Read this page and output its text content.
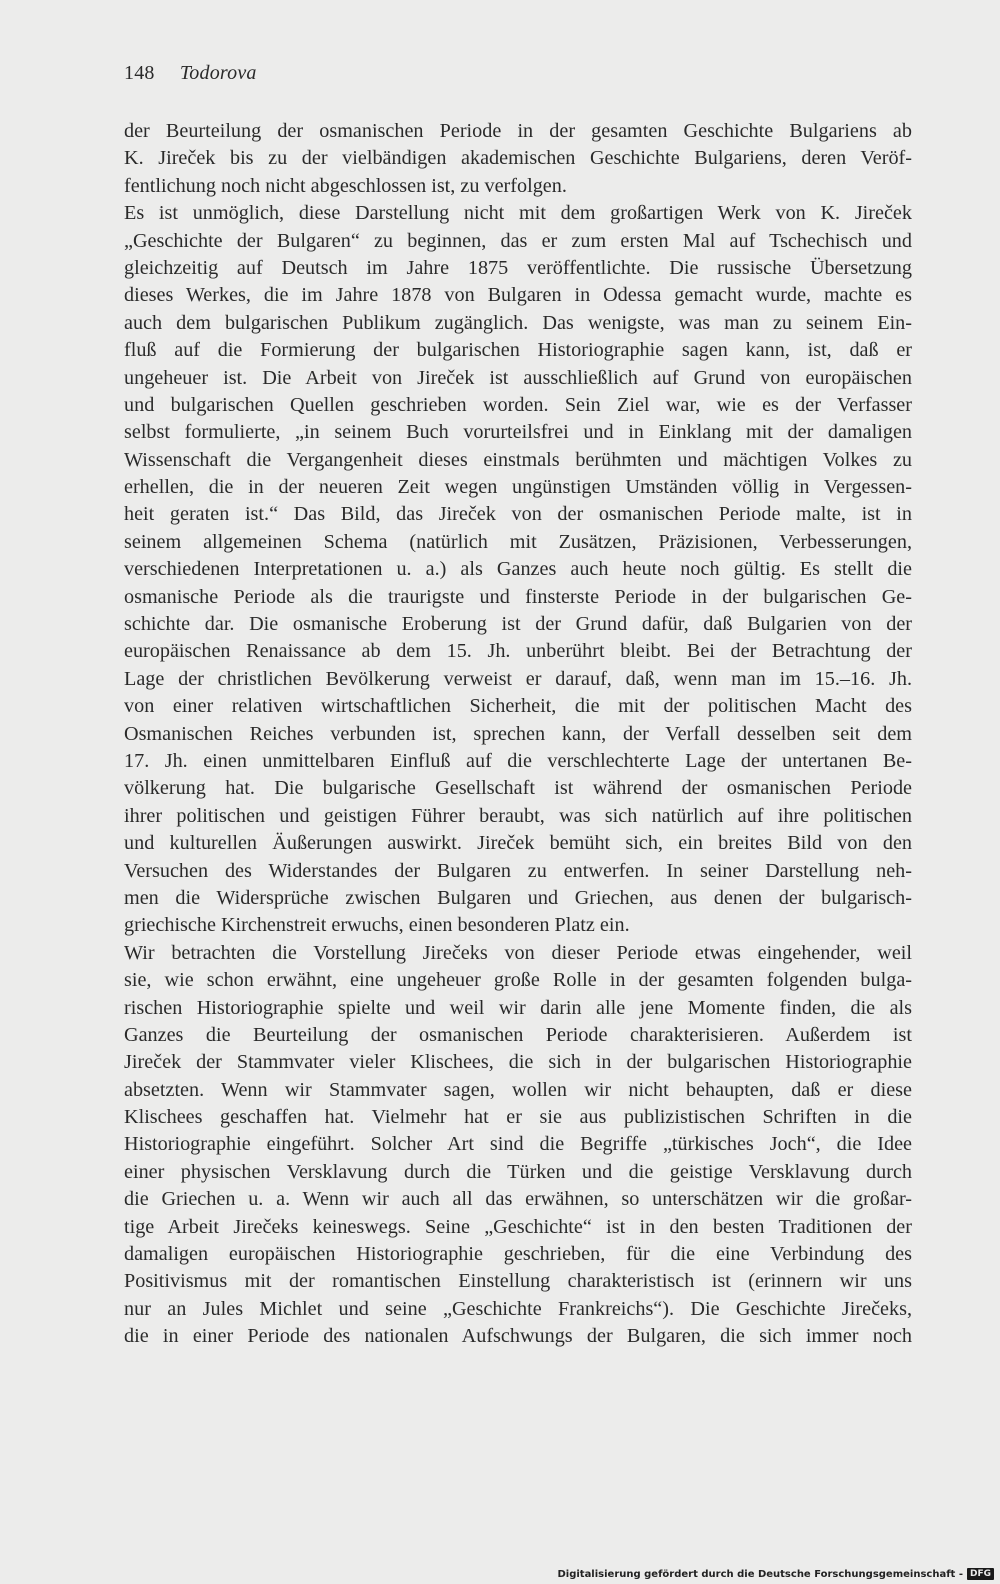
148 Todorova
der Beurteilung der osmanischen Periode in der gesamten Geschichte Bulgariens ab
K. Jireček bis zu der vielbändigen akademischen Geschichte Bulgariens, deren Veröf-
fentlichung noch nicht abgeschlossen ist, zu verfolgen.
Es ist unmöglich, diese Darstellung nicht mit dem großartigen Werk von K. Jireček
„Geschichte der Bulgaren“ zu beginnen, das er zum ersten Mal auf Tschechisch und
gleichzeitig auf Deutsch im Jahre 1875 veröffentlichte. Die russische Übersetzung
dieses Werkes, die im Jahre 1878 von Bulgaren in Odessa gemacht wurde, machte es
auch dem bulgarischen Publikum zugänglich. Das wenigste, was man zu seinem Ein-
fluß auf die Formierung der bulgarischen Historiographie sagen kann, ist, daß er
ungeheuer ist. Die Arbeit von Jireček ist ausschließlich auf Grund von europäischen
und bulgarischen Quellen geschrieben worden. Sein Ziel war, wie es der Verfasser
selbst formulierte, „in seinem Buch vorurteilsfrei und in Einklang mit der damaligen
Wissenschaft die Vergangenheit dieses einstmals berühmten und mächtigen Volkes zu
erhellen, die in der neueren Zeit wegen ungünstigen Umständen völlig in Vergessen-
heit geraten ist.“ Das Bild, das Jireček von der osmanischen Periode malte, ist in
seinem allgemeinen Schema (natürlich mit Zusätzen, Präzisionen, Verbesserungen,
verschiedenen Interpretationen u. a.) als Ganzes auch heute noch gültig. Es stellt die
osmanische Periode als die traurigste und finsterste Periode in der bulgarischen Ge-
schichte dar. Die osmanische Eroberung ist der Grund dafür, daß Bulgarien von der
europäischen Renaissance ab dem 15. Jh. unberührt bleibt. Bei der Betrachtung der
Lage der christlichen Bevölkerung verweist er darauf, daß, wenn man im 15.–16. Jh.
von einer relativen wirtschaftlichen Sicherheit, die mit der politischen Macht des
Osmanischen Reiches verbunden ist, sprechen kann, der Verfall desselben seit dem
17. Jh. einen unmittelbaren Einfluß auf die verschlechterte Lage der untertanen Be-
völkerung hat. Die bulgarische Gesellschaft ist während der osmanischen Periode
ihrer politischen und geistigen Führer beraubt, was sich natürlich auf ihre politischen
und kulturellen Äußerungen auswirkt. Jireček bemüht sich, ein breites Bild von den
Versuchen des Widerstandes der Bulgaren zu entwerfen. In seiner Darstellung neh-
men die Widersprüche zwischen Bulgaren und Griechen, aus denen der bulgarisch-
griechische Kirchenstreit erwuchs, einen besonderen Platz ein.
Wir betrachten die Vorstellung Jirečeks von dieser Periode etwas eingehender, weil
sie, wie schon erwähnt, eine ungeheuer große Rolle in der gesamten folgenden bulga-
rischen Historiographie spielte und weil wir darin alle jene Momente finden, die als
Ganzes die Beurteilung der osmanischen Periode charakterisieren. Außerdem ist
Jireček der Stammvater vieler Klischees, die sich in der bulgarischen Historiographie
absetzten. Wenn wir Stammvater sagen, wollen wir nicht behaupten, daß er diese
Klischees geschaffen hat. Vielmehr hat er sie aus publizistischen Schriften in die
Historiographie eingeführt. Solcher Art sind die Begriffe „türkisches Joch“, die Idee
einer physischen Versklavung durch die Türken und die geistige Versklavung durch
die Griechen u. a. Wenn wir auch all das erwähnen, so unterschätzen wir die großar-
tige Arbeit Jirečeks keineswegs. Seine „Geschichte“ ist in den besten Traditionen der
damaligen europäischen Historiographie geschrieben, für die eine Verbindung des
Positivismus mit der romantischen Einstellung charakteristisch ist (erinnern wir uns
nur an Jules Michlet und seine „Geschichte Frankreichs“). Die Geschichte Jirečeks,
die in einer Periode des nationalen Aufschwungs der Bulgaren, die sich immer noch
Digitalisierung gefördert durch die Deutsche Forschungsgemeinschaft - DFG
